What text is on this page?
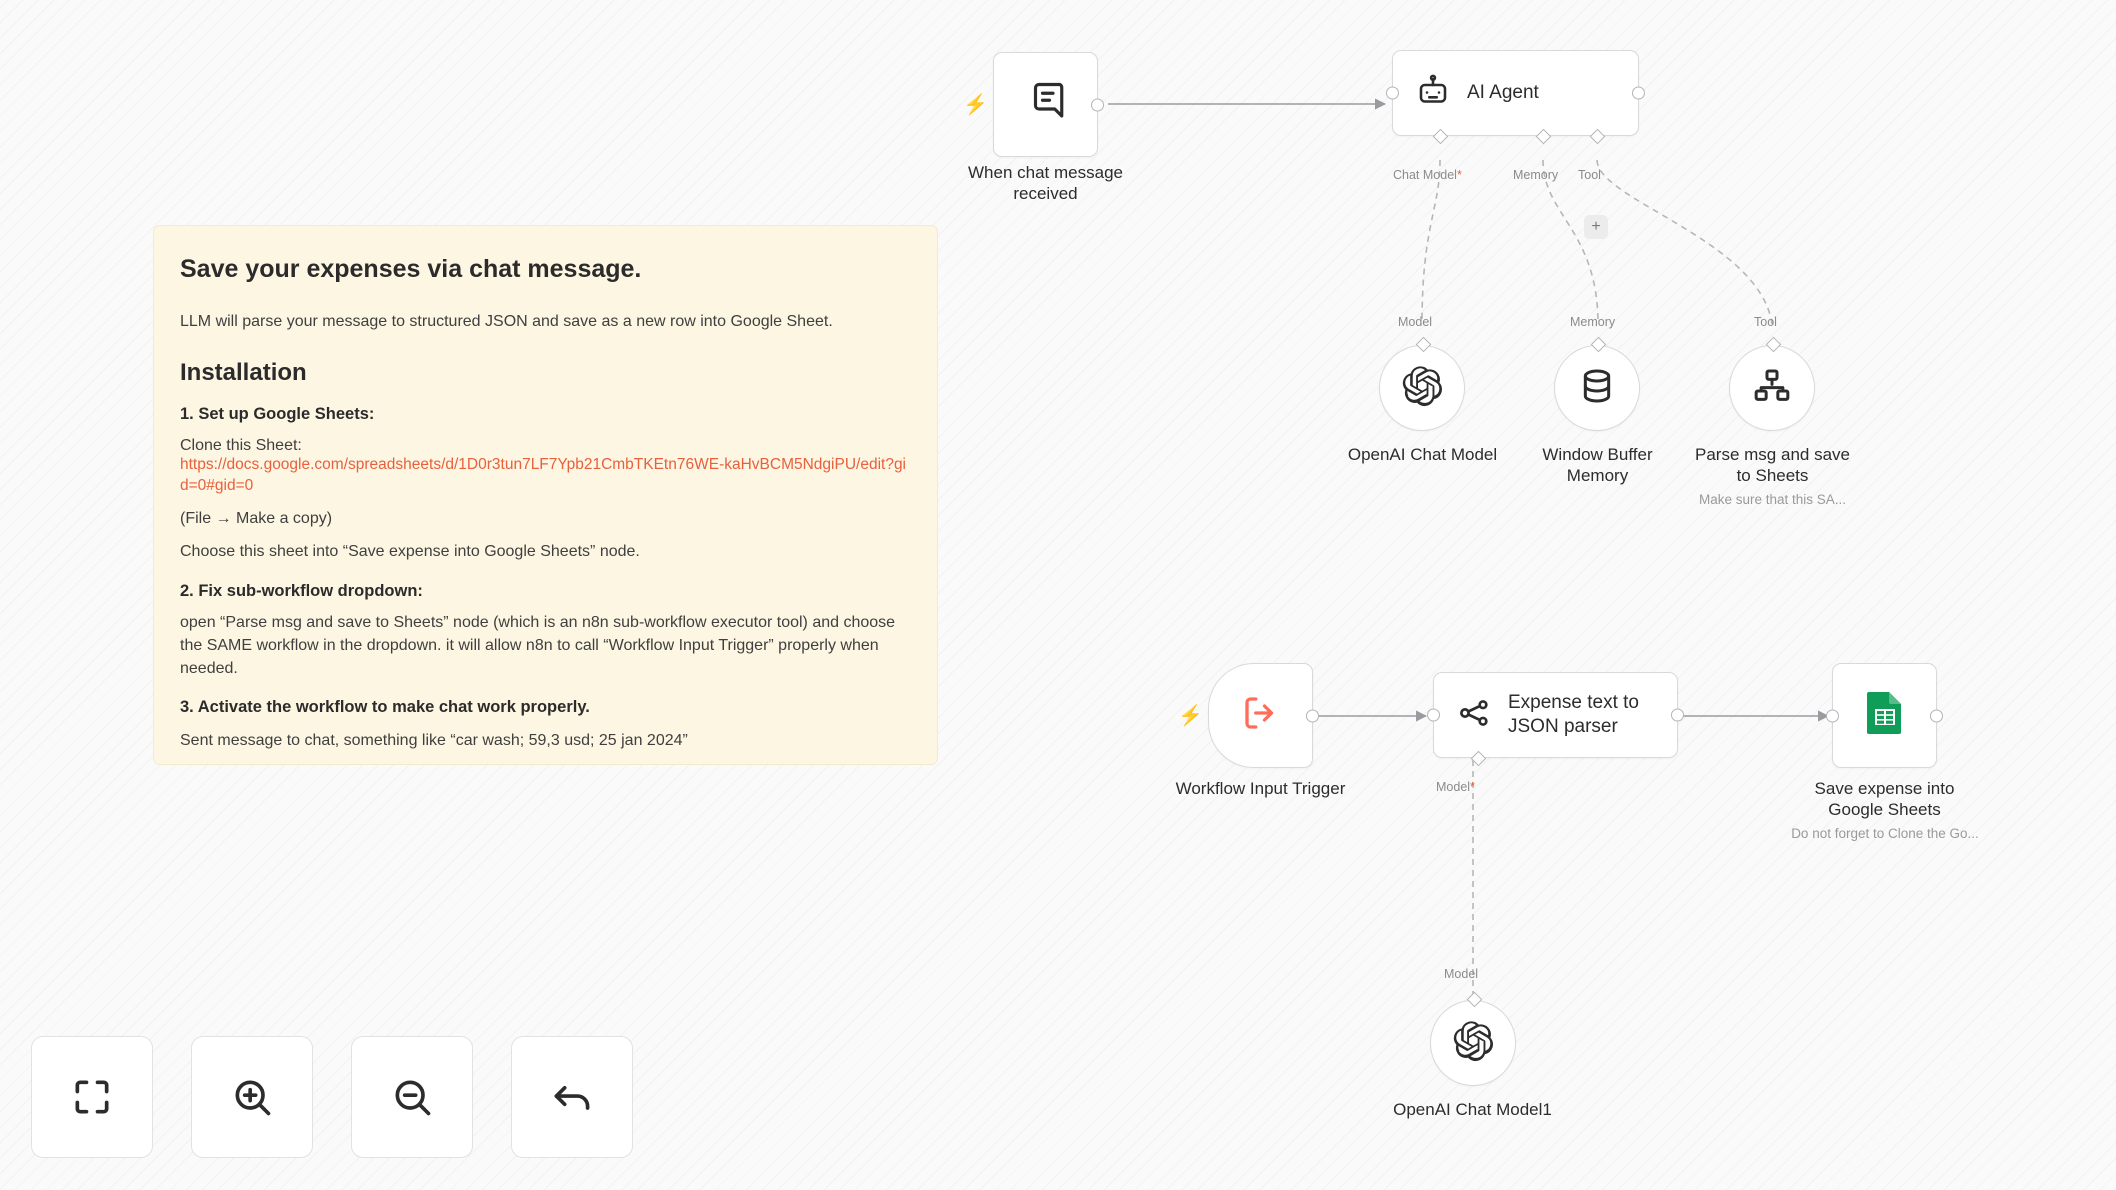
Save your expenses via chat message.

LLM will parse your message to structured JSON and save as a new row into Google Sheet.

Installation
1. Set up Google Sheets:

Clone this Sheet:

https://docs.google.com/spreadsheets/d/1D0r3tun7LF7Ypb21CmbTKEtn76WE-kaHvBCM5NdgiPU/edit?gid=0#gid=0

(File → Make a copy)

Choose this sheet into “Save expense into Google Sheets” node.

2. Fix sub-workflow dropdown:

open “Parse msg and save to Sheets” node (which is an n8n sub-workflow executor tool) and choose the SAME workflow in the dropdown. it will allow n8n to call “Workflow Input Trigger” properly when needed.

3. Activate the workflow to make chat work properly.

Sent message to chat, something like “car wash; 59,3 usd; 25 jan 2024”

⚡
When chat message
received
AI Agent
Chat Model*	Memory Tool
+
Model	Memory	Tool
OpenAI Chat Model	Window Buffer
Memory
Parse msg and save
to Sheets
Make sure that this SA...
⚡
Workflow Input Trigger
Expense text to
JSON parser
Model*
Model
Save expense into
Google Sheets
Do not forget to Clone the Go...
OpenAI Chat Model1
